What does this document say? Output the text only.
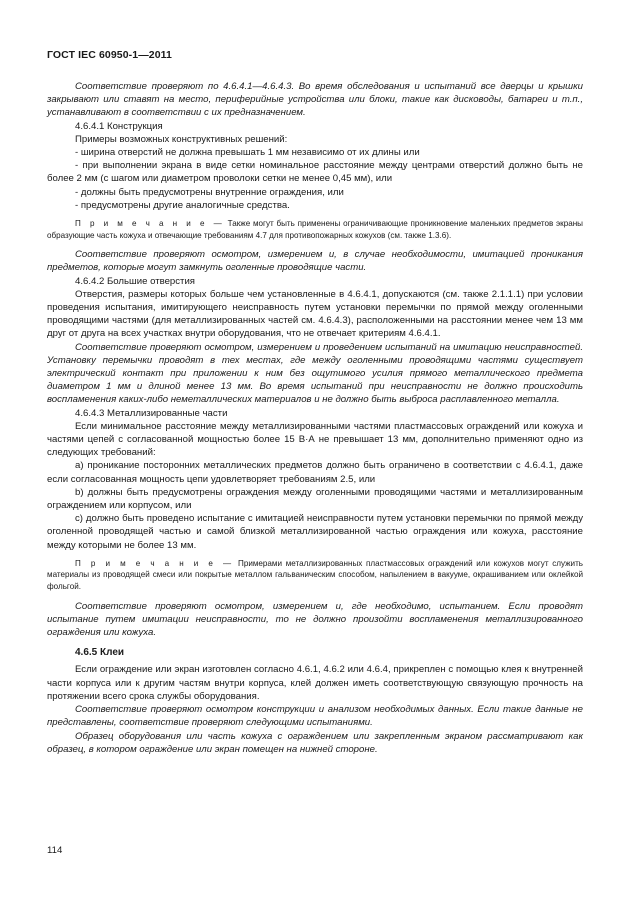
ГОСТ IEC 60950-1—2011

Соответствие проверяют по 4.6.4.1—4.6.4.3. Во время обследования и испытаний все дверцы и крышки закрывают или ставят на место, периферийные устройства или блоки, такие как дисководы, батареи и т.п., устанавливают в соответствии с их предназначением.

4.6.4.1 Конструкция

Примеры возможных конструктивных решений:

- ширина отверстий не должна превышать 1 мм независимо от их длины или

- при выполнении экрана в виде сетки номинальное расстояние между центрами отверстий должно быть не более 2 мм (с шагом или диаметром проволоки сетки не менее 0,45 мм), или

- должны быть предусмотрены внутренние ограждения, или

- предусмотрены другие аналогичные средства.

П р и м е ч а н и е — Также могут быть применены ограничивающие проникновение маленьких предметов экраны образующие часть кожуха и отвечающие требованиям 4.7 для противопожарных кожухов (см. также 1.3.6).

Соответствие проверяют осмотром, измерением и, в случае необходимости, имитацией проникания предметов, которые могут замкнуть оголенные проводящие части.

4.6.4.2 Большие отверстия

Отверстия, размеры которых больше чем установленные в 4.6.4.1, допускаются (см. также 2.1.1.1) при условии проведения испытания, имитирующего неисправность путем установки перемычки по прямой между оголенными проводящими частями (для металлизированных частей см. 4.6.4.3), расположенными на расстоянии менее чем 13 мм друг от друга на всех участках внутри оборудования, что не отвечает критериям 4.6.4.1.

Соответствие проверяют осмотром, измерением и проведением испытаний на имитацию неисправностей. Установку перемычки проводят в тех местах, где между оголенными проводящими частями существует электрический контакт при приложении к ним без ощутимого усилия прямого металлического предмета диаметром 1 мм и длиной менее 13 мм. Во время испытаний при неисправности не должно происходить воспламенения каких-либо неметаллических материалов и не должно быть выброса расплавленного металла.

4.6.4.3 Металлизированные части

Если минимальное расстояние между металлизированными частями пластмассовых ограждений или кожуха и частями цепей с согласованной мощностью более 15 В·А не превышает 13 мм, дополнительно применяют одно из следующих требований:

a) проникание посторонних металлических предметов должно быть ограничено в соответствии с 4.6.4.1, даже если согласованная мощность цепи удовлетворяет требованиям 2.5, или

b) должны быть предусмотрены ограждения между оголенными проводящими частями и металлизированным ограждением или корпусом, или

c) должно быть проведено испытание с имитацией неисправности путем установки перемычки по прямой между оголенной проводящей частью и самой близкой металлизированной частью ограждения или кожуха, расстояние между которыми не более 13 мм.

П р и м е ч а н и е — Примерами металлизированных пластмассовых ограждений или кожухов могут служить материалы из проводящей смеси или покрытые металлом гальваническим способом, напылением в вакууме, окрашиванием или оклейкой фольгой.

Соответствие проверяют осмотром, измерением и, где необходимо, испытанием. Если проводят испытание путем имитации неисправности, то не должно произойти воспламенения металлизированного ограждения или кожуха.

4.6.5 Клеи

Если ограждение или экран изготовлен согласно 4.6.1, 4.6.2 или 4.6.4, прикреплен с помощью клея к внутренней части корпуса или к другим частям внутри корпуса, клей должен иметь соответствующую связующую прочность на протяжении всего срока службы оборудования.

Соответствие проверяют осмотром конструкции и анализом необходимых данных. Если такие данные не представлены, соответствие проверяют следующими испытаниями.

Образец оборудования или часть кожуха с ограждением или закрепленным экраном рассматривают как образец, в котором ограждение или экран помещен на нижней стороне.

114
